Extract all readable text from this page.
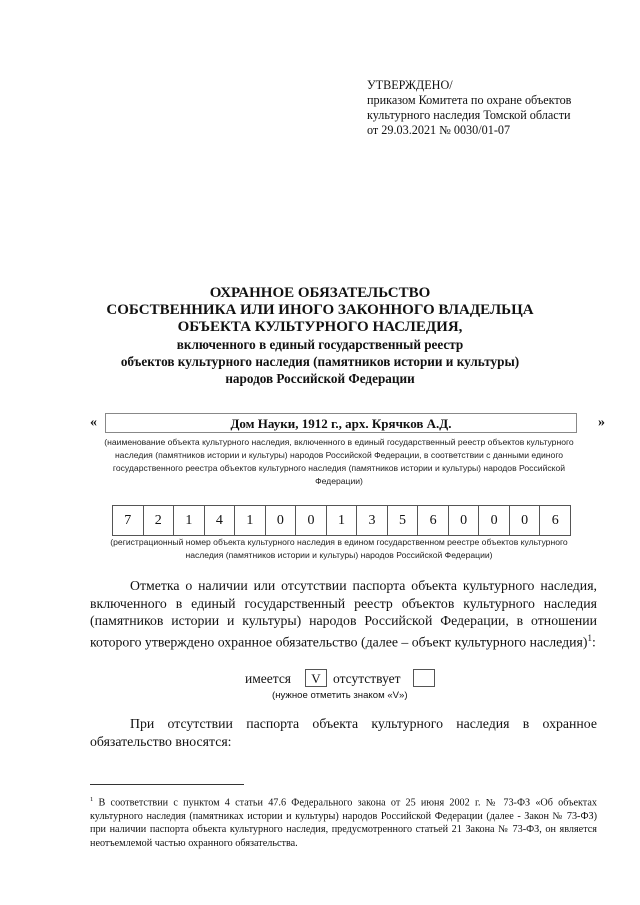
УТВЕРЖДЕНО/
приказом Комитета по охране объектов
культурного наследия Томской области
от 29.03.2021 № 0030/01-07
ОХРАННОЕ ОБЯЗАТЕЛЬСТВО
СОБСТВЕННИКА ИЛИ ИНОГО ЗАКОННОГО ВЛАДЕЛЬЦА
ОБЪЕКТА КУЛЬТУРНОГО НАСЛЕДИЯ,
включенного в единый государственный реестр
объектов культурного наследия (памятников истории и культуры)
народов Российской Федерации
«	Дом Науки, 1912 г., арх. Крячков А.Д.	»
(наименование объекта культурного наследия, включенного в единый государственный реестр объектов культурного наследия (памятников истории и культуры) народов Российской Федерации, в соответствии с данными единого государственного реестра объектов культурного наследия (памятников истории и культуры) народов Российской Федерации)
7	2	1	4	1	0	0	1	3	5	6	0	0	0	6
(регистрационный номер объекта культурного наследия в едином государственном реестре объектов культурного наследия (памятников истории и культуры) народов Российской Федерации)
Отметка о наличии или отсутствии паспорта объекта культурного наследия, включенного в единый государственный реестр объектов культурного наследия (памятников истории и культуры) народов Российской Федерации, в отношении которого утверждено охранное обязательство (далее – объект культурного наследия)$^1$:
имеется	V отсутствует
(нужное отметить знаком «V»)
При отсутствии паспорта объекта культурного наследия в охранное обязательство вносятся:
$^1$ В соответствии с пунктом 4 статьи 47.6 Федерального закона от 25 июня 2002 г. № 73-ФЗ «Об объектах культурного наследия (памятниках истории и культуры) народов Российской Федерации (далее - Закон № 73-ФЗ) при наличии паспорта объекта культурного наследия, предусмотренного статьей 21 Закона № 73-ФЗ, он является неотъемлемой частью охранного обязательства.
